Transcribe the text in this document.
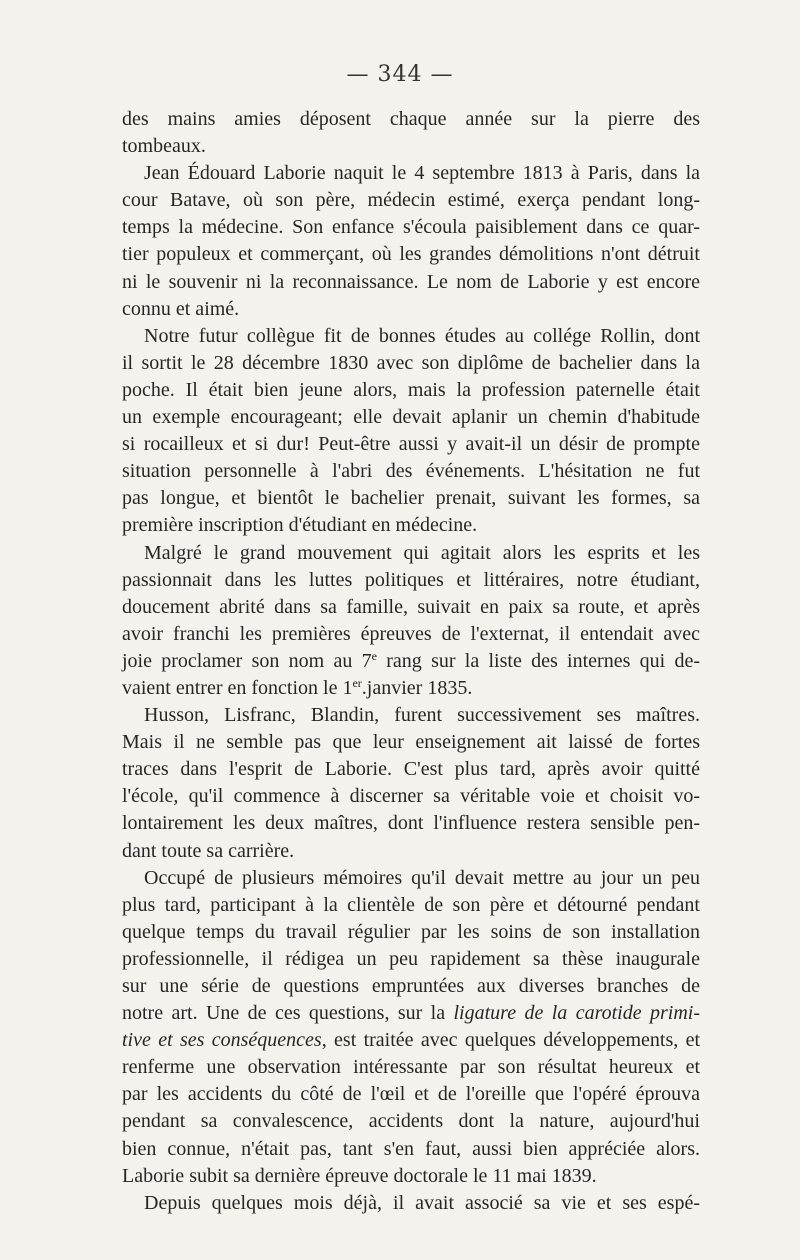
— 344 —
des mains amies déposent chaque année sur la pierre des
tombeaux.
Jean Édouard Laborie naquit le 4 septembre 1813 à Paris, dans la
cour Batave, où son père, médecin estimé, exerça pendant long-
temps la médecine. Son enfance s'écoula paisiblement dans ce quar-
tier populeux et commerçant, où les grandes démolitions n'ont détruit
ni le souvenir ni la reconnaissance. Le nom de Laborie y est encore
connu et aimé.
Notre futur collègue fit de bonnes études au collége Rollin, dont
il sortit le 28 décembre 1830 avec son diplôme de bachelier dans la
poche. Il était bien jeune alors, mais la profession paternelle était
un exemple encourageant; elle devait aplanir un chemin d'habitude
si rocailleux et si dur! Peut-être aussi y avait-il un désir de prompte
situation personnelle à l'abri des événements. L'hésitation ne fut
pas longue, et bientôt le bachelier prenait, suivant les formes, sa
première inscription d'étudiant en médecine.
Malgré le grand mouvement qui agitait alors les esprits et les
passionnait dans les luttes politiques et littéraires, notre étudiant,
doucement abrité dans sa famille, suivait en paix sa route, et après
avoir franchi les premières épreuves de l'externat, il entendait avec
joie proclamer son nom au 7e rang sur la liste des internes qui de-
vaient entrer en fonction le 1er.janvier 1835.
Husson, Lisfranc, Blandin, furent successivement ses maîtres.
Mais il ne semble pas que leur enseignement ait laissé de fortes
traces dans l'esprit de Laborie. C'est plus tard, après avoir quitté
l'école, qu'il commence à discerner sa véritable voie et choisit vo-
lontairement les deux maîtres, dont l'influence restera sensible pen-
dant toute sa carrière.
Occupé de plusieurs mémoires qu'il devait mettre au jour un peu
plus tard, participant à la clientèle de son père et détourné pendant
quelque temps du travail régulier par les soins de son installation
professionnelle, il rédigea un peu rapidement sa thèse inaugurale
sur une série de questions empruntées aux diverses branches de
notre art. Une de ces questions, sur la ligature de la carotide primi-
tive et ses conséquences, est traitée avec quelques développements, et
renferme une observation intéressante par son résultat heureux et
par les accidents du côté de l'œil et de l'oreille que l'opéré éprouva
pendant sa convalescence, accidents dont la nature, aujourd'hui
bien connue, n'était pas, tant s'en faut, aussi bien appréciée alors.
Laborie subit sa dernière épreuve doctorale le 11 mai 1839.
Depuis quelques mois déjà, il avait associé sa vie et ses espé-
